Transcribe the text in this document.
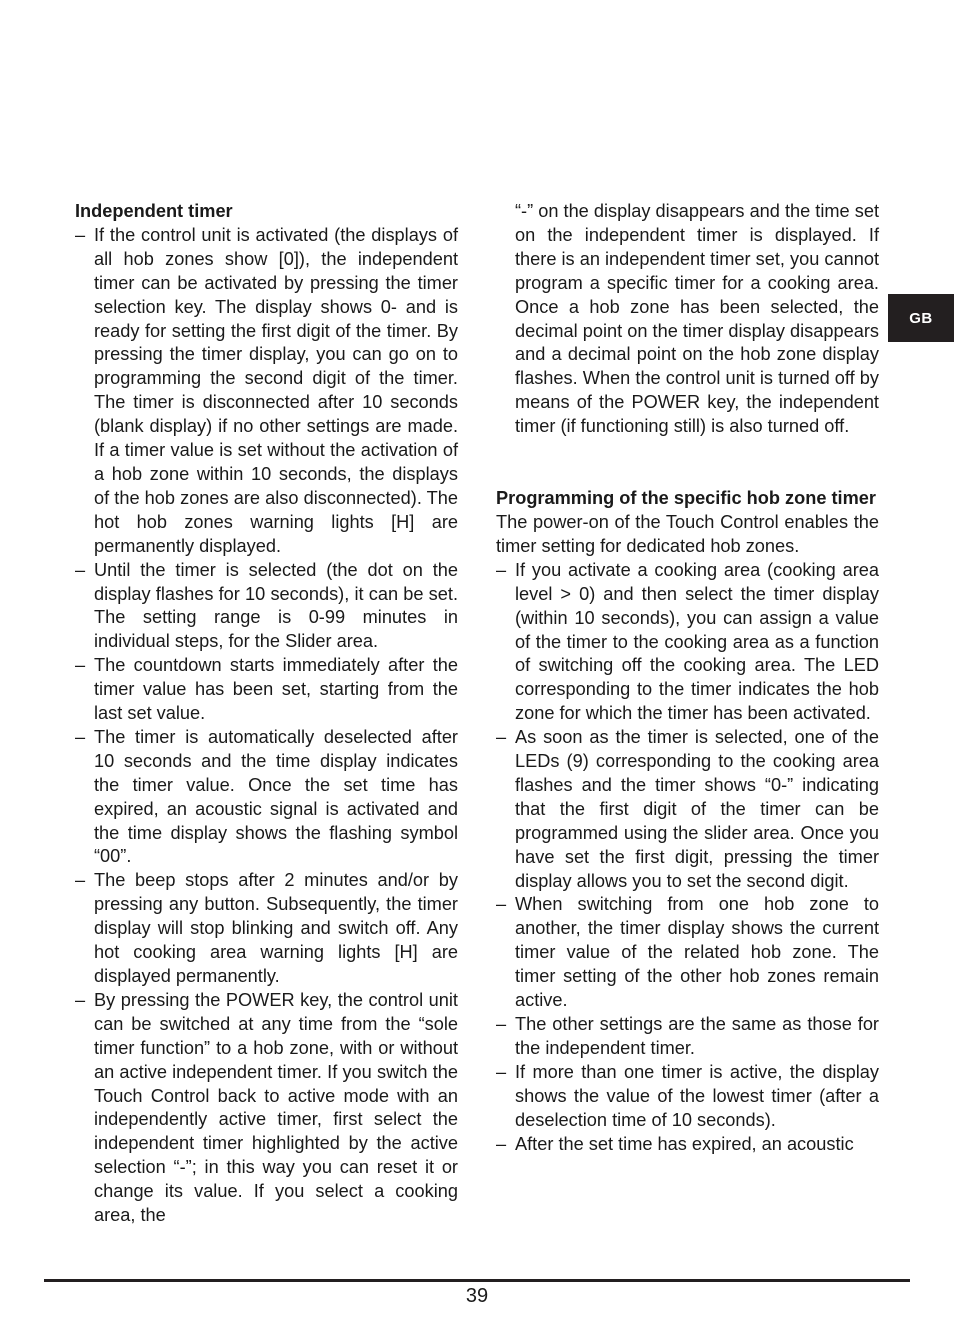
Independent timer

– If the control unit is activated (the displays of all hob zones show [0]), the independent timer can be activated by pressing the timer selection key. The display shows 0- and is ready for setting the first digit of the timer. By pressing the timer display, you can go on to programming the second digit of the timer. The timer is disconnected after 10 seconds (blank display) if no other settings are made. If a timer value is set without the activation of a hob zone within 10 seconds, the displays of the hob zones are also disconnected). The hot hob zones warning lights [H] are permanently displayed.
– Until the timer is selected (the dot on the display flashes for 10 seconds), it can be set. The setting range is 0-99 minutes in individual steps, for the Slider area.
– The countdown starts immediately after the timer value has been set, starting from the last set value.
– The timer is automatically deselected after 10 seconds and the time display indicates the timer value. Once the set time has expired, an acoustic signal is activated and the time display shows the flashing symbol “00”.
– The beep stops after 2 minutes and/or by pressing any button. Subsequently, the timer display will stop blinking and switch off. Any hot cooking area warning lights [H] are displayed permanently.
– By pressing the POWER key, the control unit can be switched at any time from the “sole timer function” to a hob zone, with or without an active independent timer. If you switch the Touch Control back to active mode with an independently active timer, first select the independent timer highlighted by the active selection “-”; in this way you can reset it or change its value. If you select a cooking area, the

“-” on the display disappears and the time set on the independent timer is displayed. If there is an independent timer set, you cannot program a specific timer for a cooking area. Once a hob zone has been selected, the decimal point on the timer display disappears and a decimal point on the hob zone display flashes. When the control unit is turned off by means of the POWER key, the independent timer (if functioning still) is also turned off.

Programming of the specific hob zone timer

The power-on of the Touch Control enables the timer setting for dedicated hob zones.

– If you activate a cooking area (cooking area level > 0) and then select the timer display (within 10 seconds), you can assign a value of the timer to the cooking area as a function of switching off the cooking area. The LED corresponding to the timer indicates the hob zone for which the timer has been activated.
– As soon as the timer is selected, one of the LEDs (9) corresponding to the cooking area flashes and the timer shows “0-” indicating that the first digit of the timer can be programmed using the slider area. Once you have set the first digit, pressing the timer display allows you to set the second digit.
– When switching from one hob zone to another, the timer display shows the current timer value of the related hob zone. The timer setting of the other hob zones remain active.
– The other settings are the same as those for the independent timer.
– If more than one timer is active, the display shows the value of the lowest timer (after a deselection time of 10 seconds).
– After the set time has expired, an acoustic
GB
39
